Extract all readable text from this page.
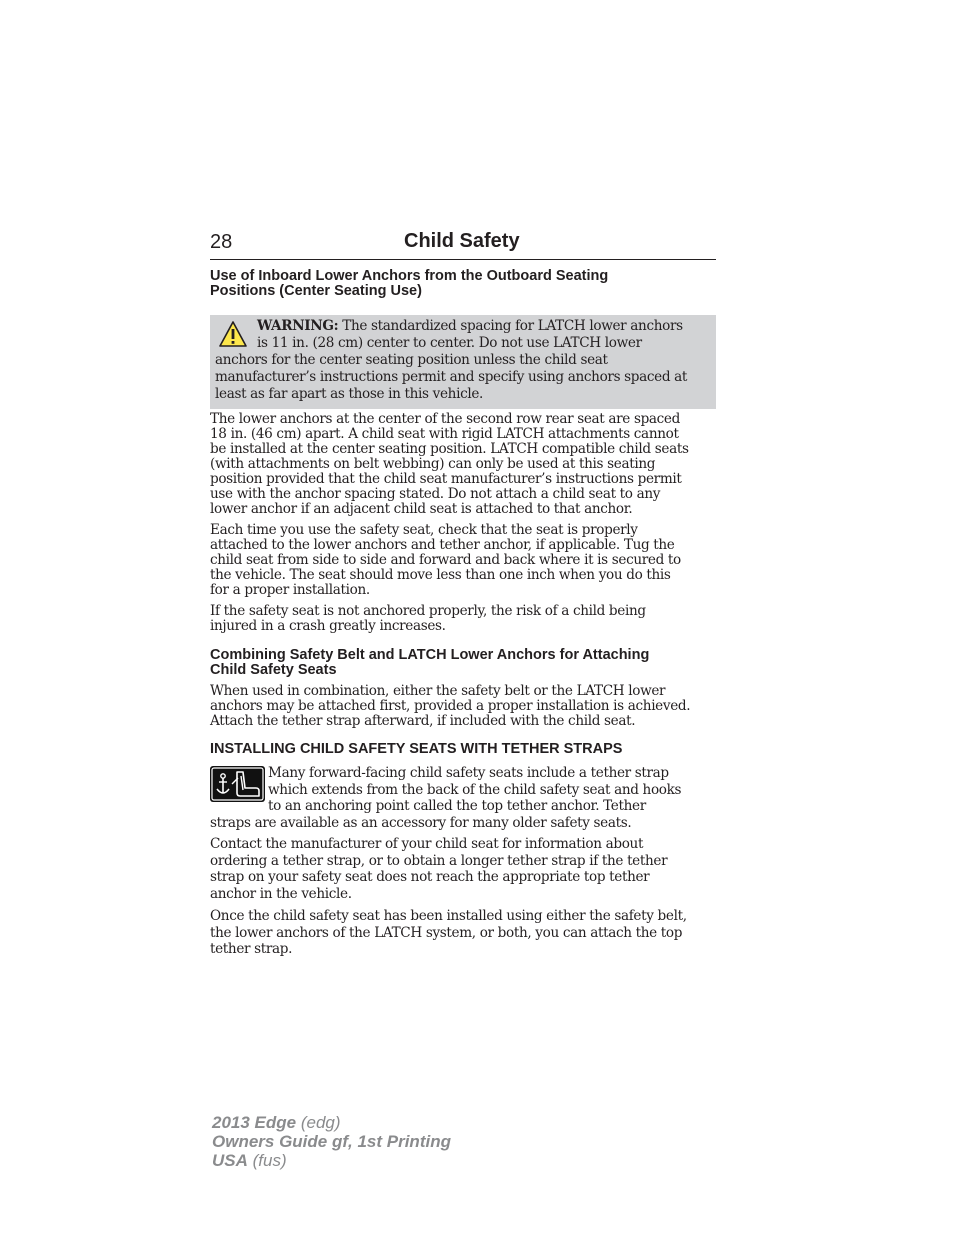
28	Child Safety
Use of Inboard Lower Anchors from the Outboard Seating
Positions (Center Seating Use)
WARNING: The standardized spacing for LATCH lower anchors
is 11 in. (28 cm) center to center. Do not use LATCH lower
anchors for the center seating position unless the child seat
manufacturer’s instructions permit and specify using anchors spaced at
least as far apart as those in this vehicle.
The lower anchors at the center of the second row rear seat are spaced
18 in. (46 cm) apart. A child seat with rigid LATCH attachments cannot
be installed at the center seating position. LATCH compatible child seats
(with attachments on belt webbing) can only be used at this seating
position provided that the child seat manufacturer’s instructions permit
use with the anchor spacing stated. Do not attach a child seat to any
lower anchor if an adjacent child seat is attached to that anchor.
Each time you use the safety seat, check that the seat is properly
attached to the lower anchors and tether anchor, if applicable. Tug the
child seat from side to side and forward and back where it is secured to
the vehicle. The seat should move less than one inch when you do this
for a proper installation.
If the safety seat is not anchored properly, the risk of a child being
injured in a crash greatly increases.
Combining Safety Belt and LATCH Lower Anchors for Attaching
Child Safety Seats
When used in combination, either the safety belt or the LATCH lower
anchors may be attached first, provided a proper installation is achieved.
Attach the tether strap afterward, if included with the child seat.
INSTALLING CHILD SAFETY SEATS WITH TETHER STRAPS
Many forward-facing child safety seats include a tether strap
which extends from the back of the child safety seat and hooks
to an anchoring point called the top tether anchor. Tether
straps are available as an accessory for many older safety seats.
Contact the manufacturer of your child seat for information about
ordering a tether strap, or to obtain a longer tether strap if the tether
strap on your safety seat does not reach the appropriate top tether
anchor in the vehicle.
Once the child safety seat has been installed using either the safety belt,
the lower anchors of the LATCH system, or both, you can attach the top
tether strap.
2013 Edge (edg)
Owners Guide gf, 1st Printing
USA (fus)
